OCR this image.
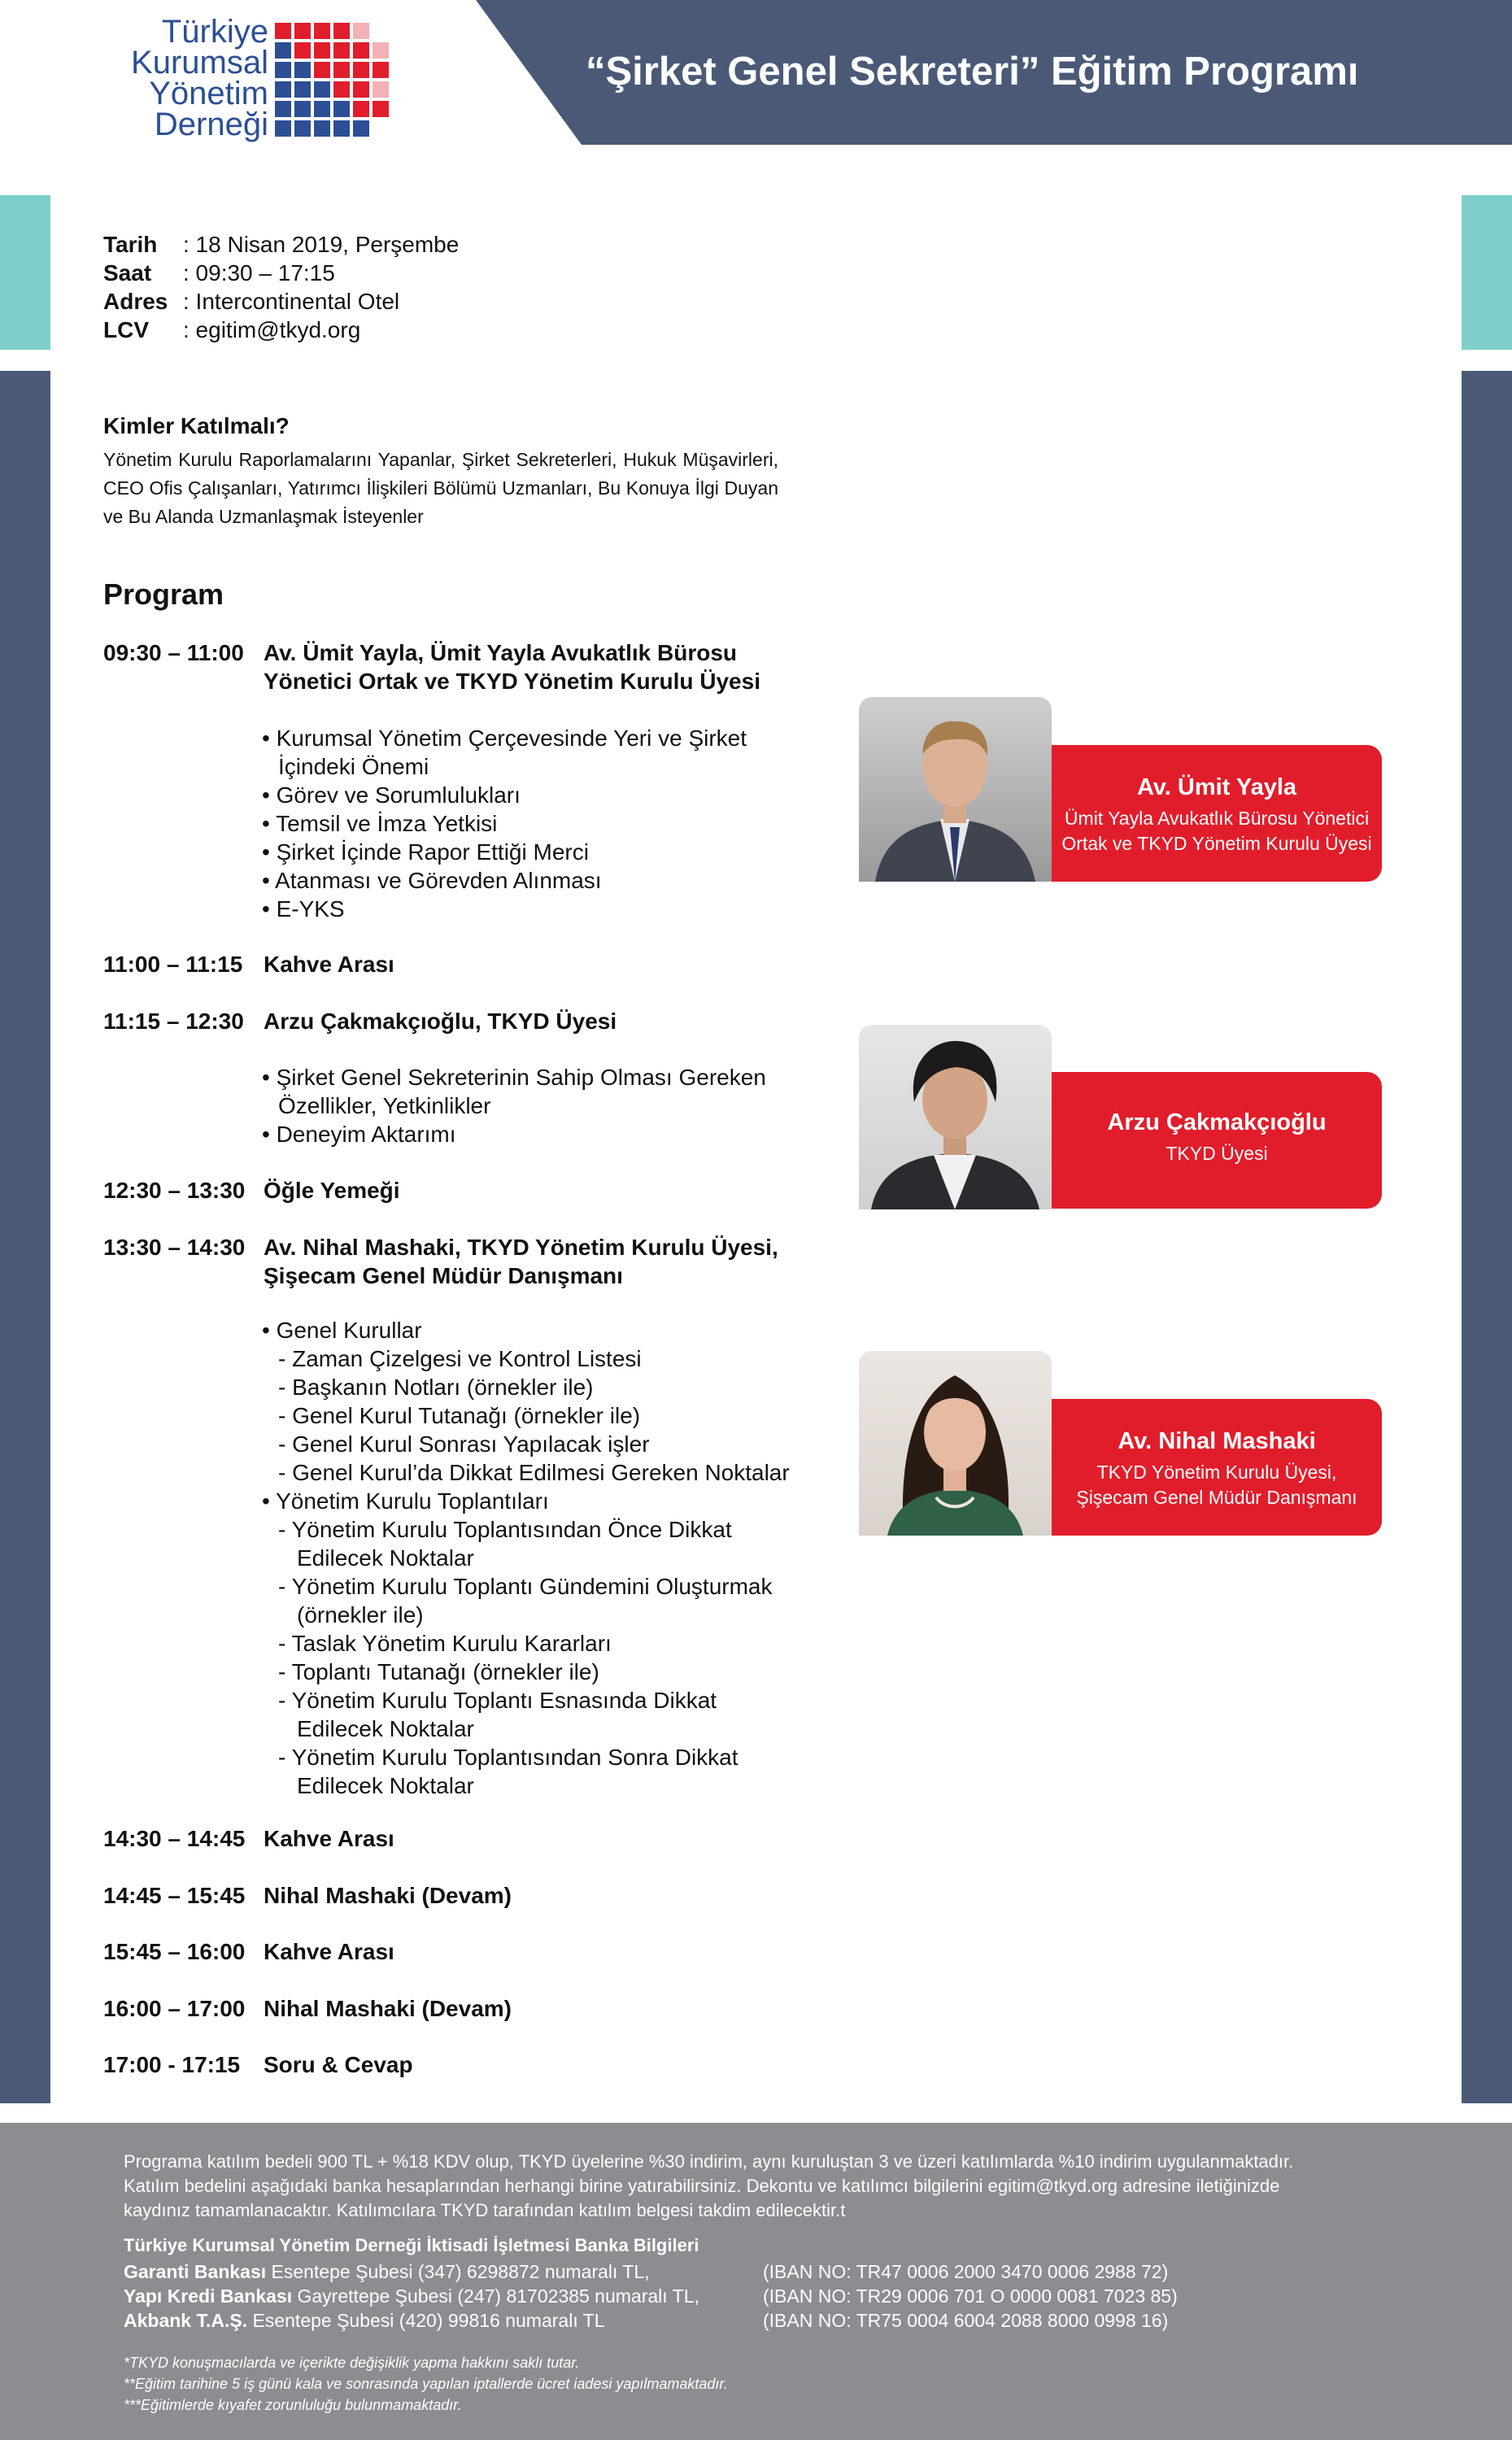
Türkiye
Kurumsal
Yönetim
Derneği
“Şirket Genel Sekreteri” Eğitim Programı
Tarih : 18 Nisan 2019, Perşembe
Saat : 09:30 – 17:15
Adres : Intercontinental Otel
LCV : egitim@tkyd.org
Kimler Katılmalı?
Yönetim Kurulu Raporlamalarını Yapanlar, Şirket Sekreterleri, Hukuk Müşavirleri, CEO Ofis Çalışanları, Yatırımcı İlişkileri Bölümü Uzmanları, Bu Konuya İlgi Duyan ve Bu Alanda Uzmanlaşmak İsteyenler
Program
09:30 – 11:00 Av. Ümit Yayla, Ümit Yayla Avukatlık Bürosu
Yönetici Ortak ve TKYD Yönetim Kurulu Üyesi
• Kurumsal Yönetim Çerçevesinde Yeri ve Şirket
İçindeki Önemi
• Görev ve Sorumlulukları
• Temsil ve İmza Yetkisi
• Şirket İçinde Rapor Ettiği Merci
• Atanması ve Görevden Alınması
• E-YKS
11:00 – 11:15 Kahve Arası
11:15 – 12:30 Arzu Çakmakçıoğlu, TKYD Üyesi
• Şirket Genel Sekreterinin Sahip Olması Gereken
Özellikler, Yetkinlikler
• Deneyim Aktarımı
12:30 – 13:30 Öğle Yemeği
13:30 – 14:30 Av. Nihal Mashaki, TKYD Yönetim Kurulu Üyesi,
Şişecam Genel Müdür Danışmanı
• Genel Kurullar
- Zaman Çizelgesi ve Kontrol Listesi
- Başkanın Notları (örnekler ile)
- Genel Kurul Tutanağı (örnekler ile)
- Genel Kurul Sonrası Yapılacak işler
- Genel Kurul’da Dikkat Edilmesi Gereken Noktalar
• Yönetim Kurulu Toplantıları
- Yönetim Kurulu Toplantısından Önce Dikkat
Edilecek Noktalar
- Yönetim Kurulu Toplantı Gündemini Oluşturmak
(örnekler ile)
- Taslak Yönetim Kurulu Kararları
- Toplantı Tutanağı (örnekler ile)
- Yönetim Kurulu Toplantı Esnasında Dikkat
Edilecek Noktalar
- Yönetim Kurulu Toplantısından Sonra Dikkat
Edilecek Noktalar
14:30 – 14:45 Kahve Arası
14:45 – 15:45 Nihal Mashaki (Devam)
15:45 – 16:00 Kahve Arası
16:00 – 17:00 Nihal Mashaki (Devam)
17:00 - 17:15 Soru & Cevap
Av. Ümit Yayla
Ümit Yayla Avukatlık Bürosu Yönetici
Ortak ve TKYD Yönetim Kurulu Üyesi
Arzu Çakmakçıoğlu
TKYD Üyesi
Av. Nihal Mashaki
TKYD Yönetim Kurulu Üyesi,
Şişecam Genel Müdür Danışmanı
Programa katılım bedeli 900 TL + %18 KDV olup, TKYD üyelerine %30 indirim, aynı kuruluştan 3 ve üzeri katılımlarda %10 indirim uygulanmaktadır.
Katılım bedelini aşağıdaki banka hesaplarından herhangi birine yatırabilirsiniz. Dekontu ve katılımcı bilgilerini egitim@tkyd.org adresine iletiğinizde
kaydınız tamamlanacaktır. Katılımcılara TKYD tarafından katılım belgesi takdim edilecektir.t
Türkiye Kurumsal Yönetim Derneği İktisadi İşletmesi Banka Bilgileri
Garanti Bankası Esentepe Şubesi (347) 6298872 numaralı TL,	(IBAN NO: TR47 0006 2000 3470 0006 2988 72)
Yapı Kredi Bankası Gayrettepe Şubesi (247) 81702385 numaralı TL,	(IBAN NO: TR29 0006 701 O 0000 0081 7023 85)
Akbank T.A.Ş. Esentepe Şubesi (420) 99816 numaralı TL	(IBAN NO: TR75 0004 6004 2088 8000 0998 16)
*TKYD konuşmacılarda ve içerikte değişiklik yapma hakkını saklı tutar.
**Eğitim tarihine 5 iş günü kala ve sonrasında yapılan iptallerde ücret iadesi yapılmamaktadır.
***Eğitimlerde kıyafet zorunluluğu bulunmamaktadır.
